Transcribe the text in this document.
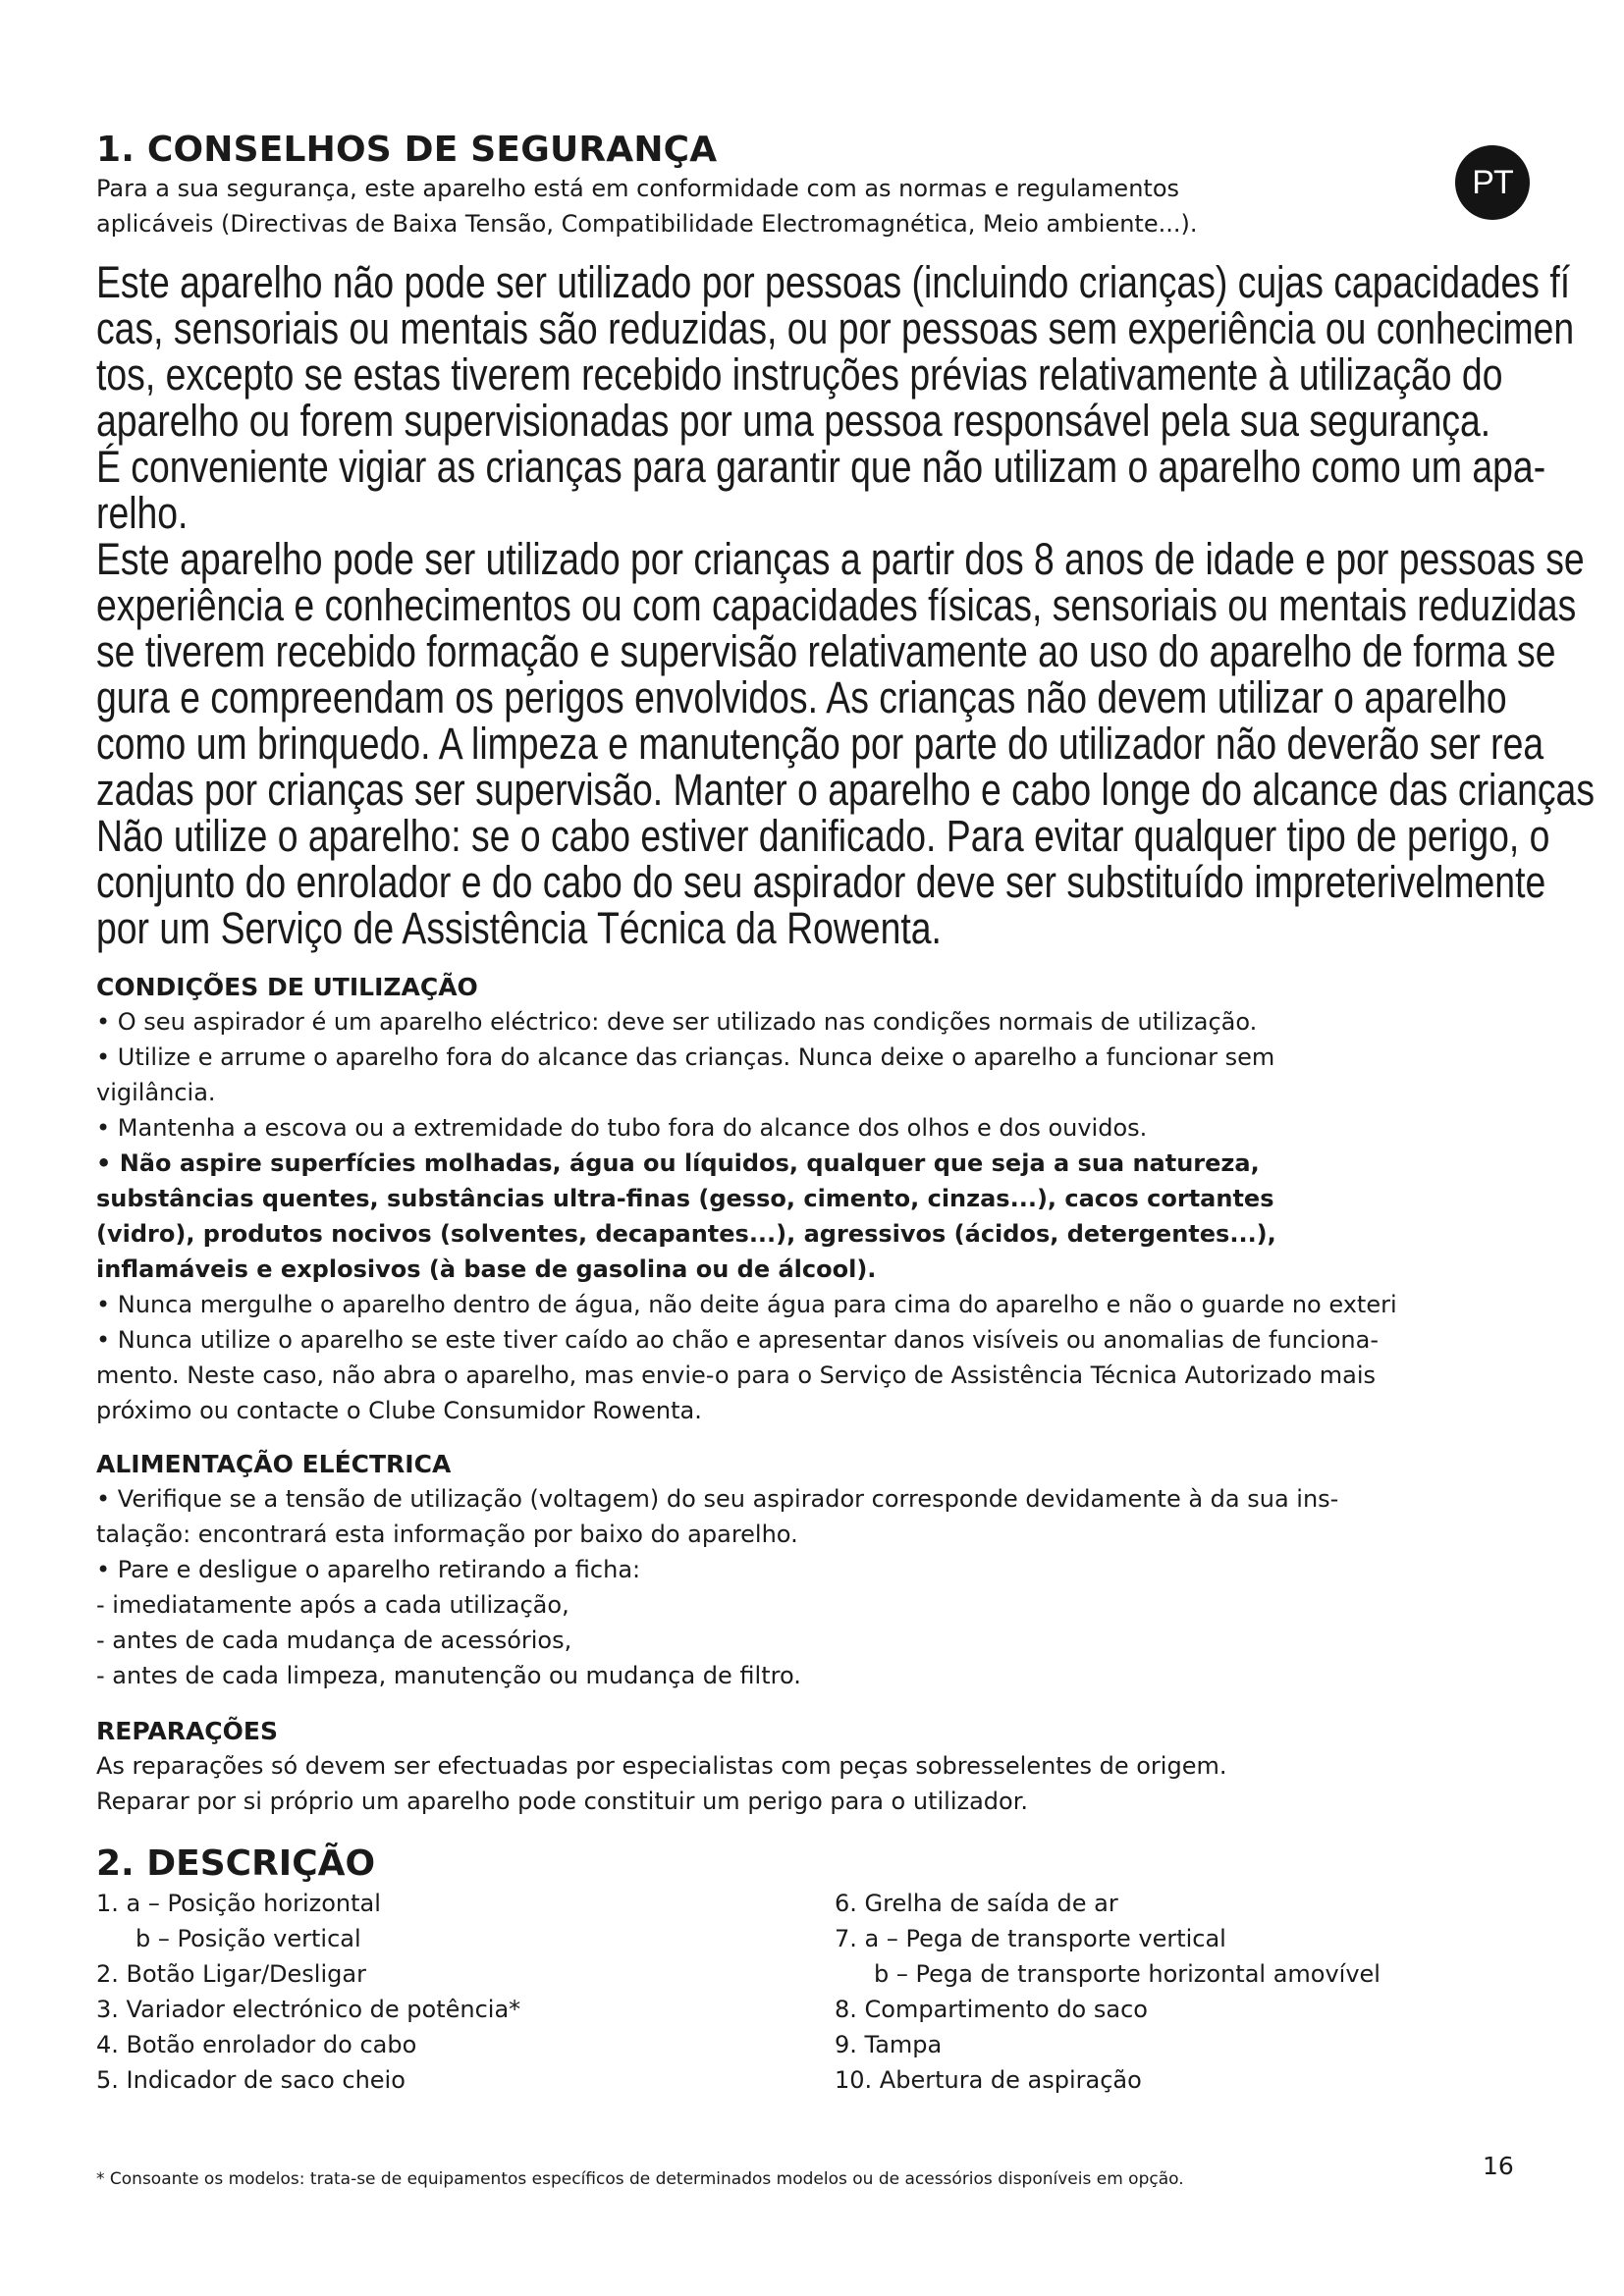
PT
1. CONSELHOS DE SEGURANÇA
Para a sua segurança, este aparelho está em conformidade com as normas e regulamentos
aplicáveis (Directivas de Baixa Tensão, Compatibilidade Electromagnética, Meio ambiente...).
Este aparelho não pode ser utilizado por pessoas (incluindo crianças) cujas capacidades fí
cas, sensoriais ou mentais são reduzidas, ou por pessoas sem experiência ou conhecimen
tos, excepto se estas tiverem recebido instruções prévias relativamente à utilização do
aparelho ou forem supervisionadas por uma pessoa responsável pela sua segurança.
É conveniente vigiar as crianças para garantir que não utilizam o aparelho como um apa-
relho.
Este aparelho pode ser utilizado por crianças a partir dos 8 anos de idade e por pessoas se
experiência e conhecimentos ou com capacidades físicas, sensoriais ou mentais reduzidas
se tiverem recebido formação e supervisão relativamente ao uso do aparelho de forma se
gura e compreendam os perigos envolvidos. As crianças não devem utilizar o aparelho
como um brinquedo. A limpeza e manutenção por parte do utilizador não deverão ser rea
zadas por crianças ser supervisão. Manter o aparelho e cabo longe do alcance das crianças
Não utilize o aparelho: se o cabo estiver danificado. Para evitar qualquer tipo de perigo, o
conjunto do enrolador e do cabo do seu aspirador deve ser substituído impreterivelmente
por um Serviço de Assistência Técnica da Rowenta.
CONDIÇÕES DE UTILIZAÇÃO
• O seu aspirador é um aparelho eléctrico: deve ser utilizado nas condições normais de utilização.
• Utilize e arrume o aparelho fora do alcance das crianças. Nunca deixe o aparelho a funcionar sem
vigilância.
• Mantenha a escova ou a extremidade do tubo fora do alcance dos olhos e dos ouvidos.
• Não aspire superfícies molhadas, água ou líquidos, qualquer que seja a sua natureza,
substâncias quentes, substâncias ultra-finas (gesso, cimento, cinzas...), cacos cortantes
(vidro), produtos nocivos (solventes, decapantes...), agressivos (ácidos, detergentes...),
inflamáveis e explosivos (à base de gasolina ou de álcool).
• Nunca mergulhe o aparelho dentro de água, não deite água para cima do aparelho e não o guarde no exteri
• Nunca utilize o aparelho se este tiver caído ao chão e apresentar danos visíveis ou anomalias de funciona-
mento. Neste caso, não abra o aparelho, mas envie-o para o Serviço de Assistência Técnica Autorizado mais
próximo ou contacte o Clube Consumidor Rowenta.
ALIMENTAÇÃO ELÉCTRICA
• Verifique se a tensão de utilização (voltagem) do seu aspirador corresponde devidamente à da sua ins-
talação: encontrará esta informação por baixo do aparelho.
• Pare e desligue o aparelho retirando a ficha:
- imediatamente após a cada utilização,
- antes de cada mudança de acessórios,
- antes de cada limpeza, manutenção ou mudança de filtro.
REPARAÇÕES
As reparações só devem ser efectuadas por especialistas com peças sobresselentes de origem.
Reparar por si próprio um aparelho pode constituir um perigo para o utilizador.
2. DESCRIÇÃO
1. a – Posição horizontal
b – Posição vertical
2. Botão Ligar/Desligar
3. Variador electrónico de potência*
4. Botão enrolador do cabo
5. Indicador de saco cheio
6. Grelha de saída de ar
7. a – Pega de transporte vertical
b – Pega de transporte horizontal amovível
8. Compartimento do saco
9. Tampa
10. Abertura de aspiração
* Consoante os modelos: trata-se de equipamentos específicos de determinados modelos ou de acessórios disponíveis em opção.	16
